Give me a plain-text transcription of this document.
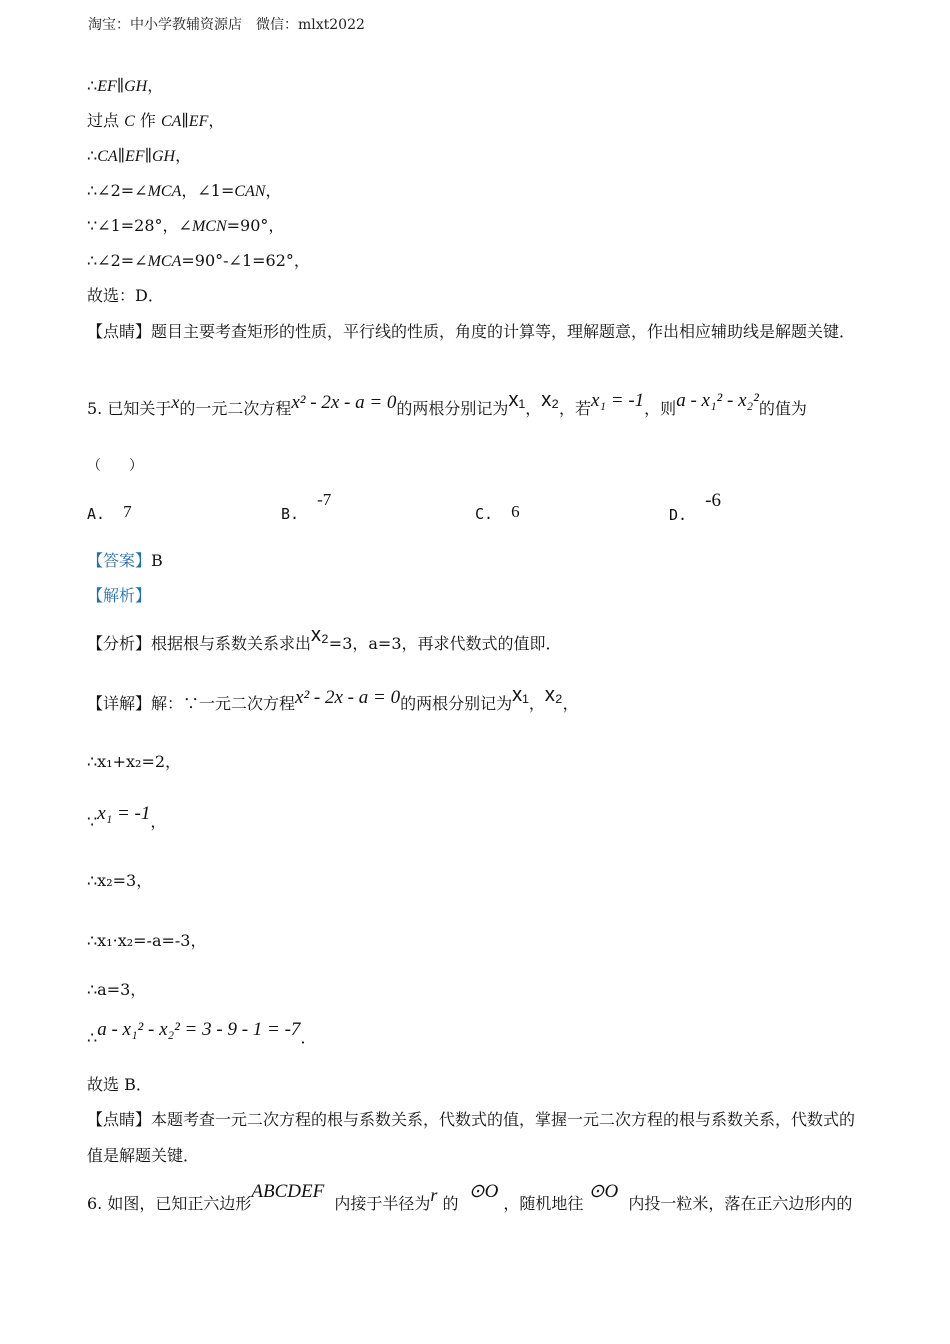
淘宝：中小学教辅资源店　微信：mlxt2022
∴EF∥GH，
过点 C 作 CA∥EF，
∴CA∥EF∥GH，
∴∠2=∠MCA，∠1=CAN，
∵∠1=28°，∠MCN=90°，
∴∠2=∠MCA=90°-∠1=62°，
故选：D．
【点睛】题目主要考查矩形的性质，平行线的性质，角度的计算等，理解题意，作出相应辅助线是解题关键．
5. 已知关于x的一元二次方程x² - 2x - a = 0的两根分别记为x₁，x₂，若x₁ = -1，则a - x₁² - x₂²的值为
（　　）
A. 7	B.  -7
C. 6	D.  -6
【答案】B
【解析】
【分析】根据根与系数关系求出x₂=3，a=3，再求代数式的值即．
【详解】解：∵一元二次方程x² - 2x - a = 0的两根分别记为x₁，x₂，
∴x₁+x₂=2，
∵x₁ = -1，
∴x₂=3，
∴x₁·x₂=-a=-3，
∴a=3，
∴a - x₁² - x₂² = 3 - 9 - 1 = -7．
故选 B．
【点睛】本题考查一元二次方程的根与系数关系，代数式的值，掌握一元二次方程的根与系数关系，代数式的值是解题关键．
6. 如图，已知正六边形ABCDEF  内接于半径为r 的  ⊙O ，随机地往 ⊙O  内投一粒米，落在正六边形内的
